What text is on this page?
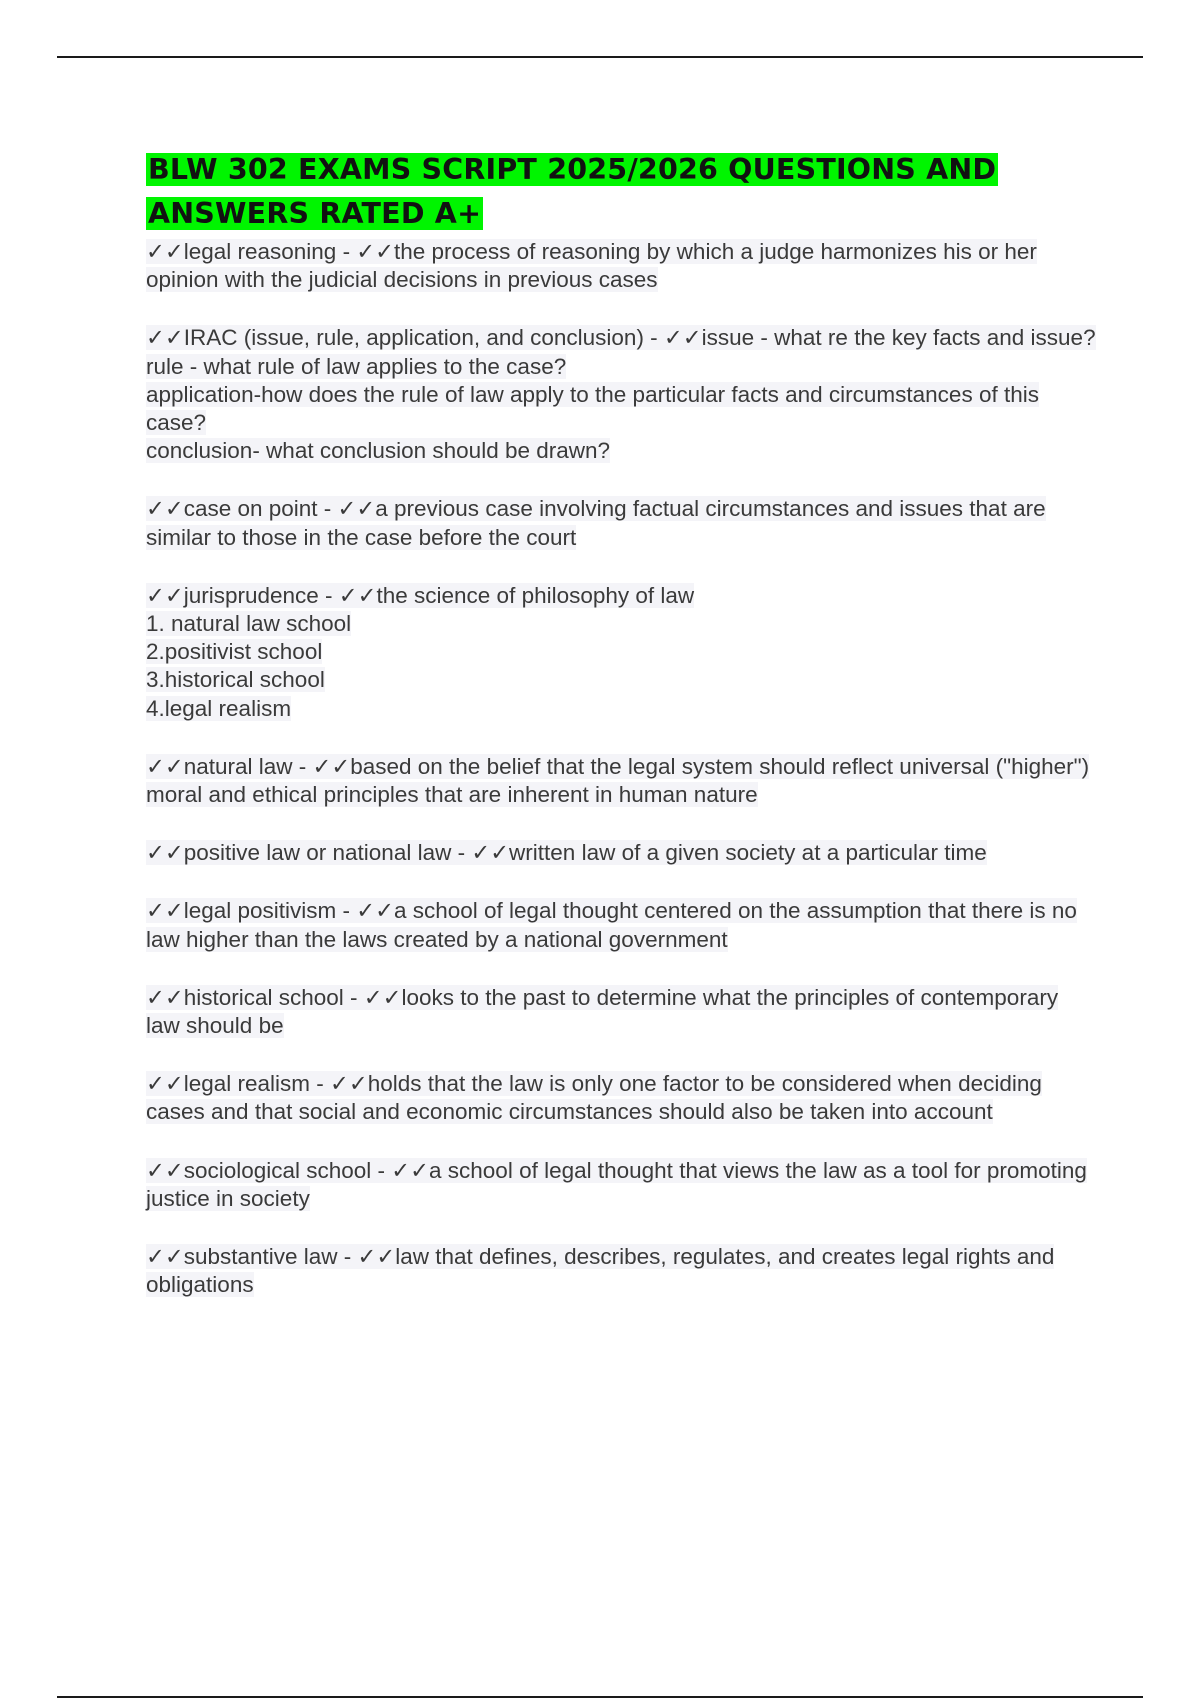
BLW 302 EXAMS SCRIPT 2025/2026 QUESTIONS AND ANSWERS RATED A+
✓✓legal reasoning - ✓✓the process of reasoning by which a judge harmonizes his or her opinion with the judicial decisions in previous cases
✓✓IRAC (issue, rule, application, and conclusion) - ✓✓issue - what re the key facts and issue?
rule - what rule of law applies to the case?
application-how does the rule of law apply to the particular facts and circumstances of this case?
conclusion- what conclusion should be drawn?
✓✓case on point - ✓✓a previous case involving factual circumstances and issues that are similar to those in the case before the court
✓✓jurisprudence - ✓✓the science of philosophy of law
1. natural law school
2.positivist school
3.historical school
4.legal realism
✓✓natural law - ✓✓based on the belief that the legal system should reflect universal ("higher") moral and ethical principles that are inherent in human nature
✓✓positive law or national law - ✓✓written law of a given society at a particular time
✓✓legal positivism - ✓✓a school of legal thought centered on the assumption that there is no law higher than the laws created by a national government
✓✓historical school - ✓✓looks to the past to determine what the principles of contemporary law should be
✓✓legal realism - ✓✓holds that the law is only one factor to be considered when deciding cases and that social and economic circumstances should also be taken into account
✓✓sociological school - ✓✓a school of legal thought that views the law as a tool for promoting justice in society
✓✓substantive law - ✓✓law that defines, describes, regulates, and creates legal rights and obligations
